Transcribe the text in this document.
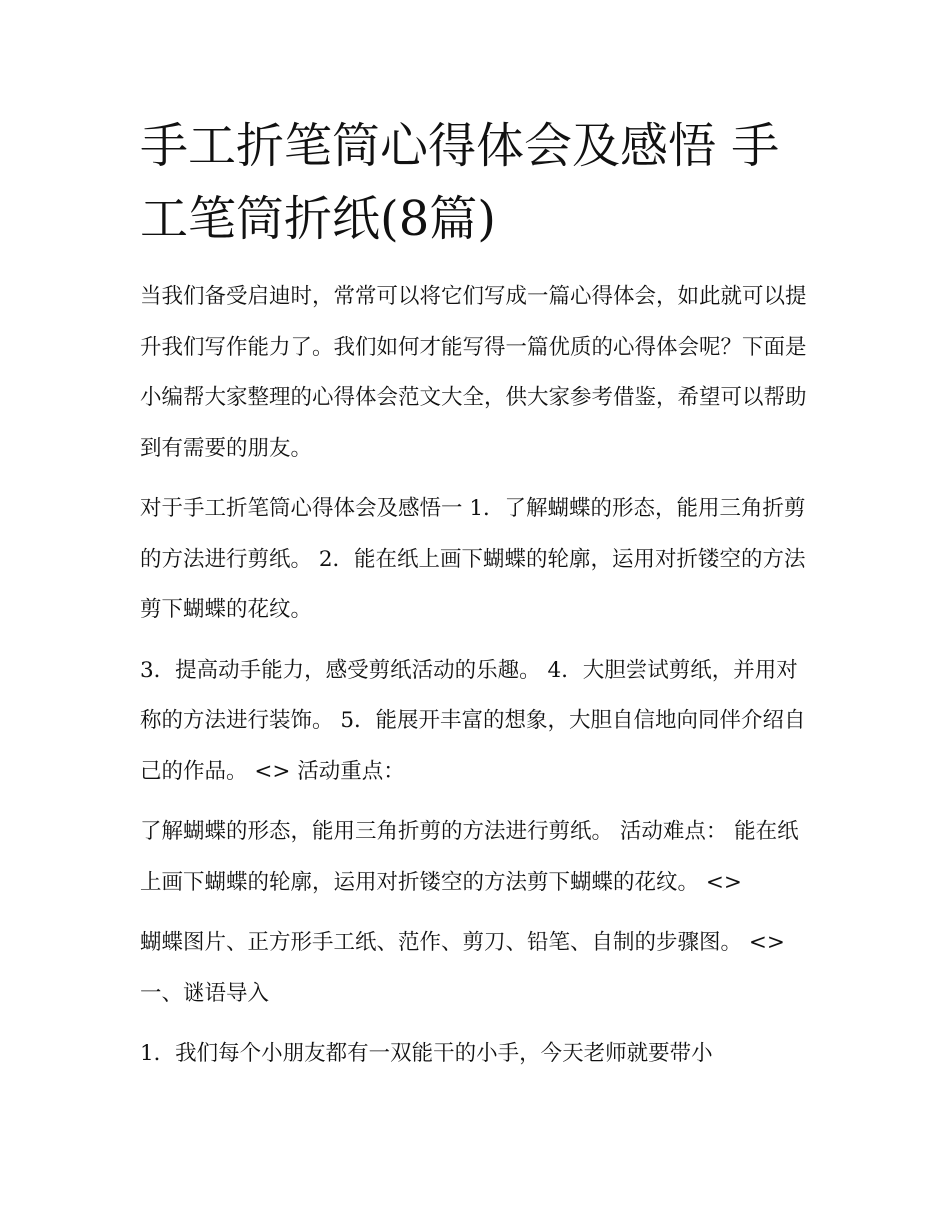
手工折笔筒心得体会及感悟 手工笔筒折纸(8篇)

当我们备受启迪时，常常可以将它们写成一篇心得体会，如此就可以提升我们写作能力了。我们如何才能写得一篇优质的心得体会呢？下面是小编帮大家整理的心得体会范文大全，供大家参考借鉴，希望可以帮助到有需要的朋友。

对于手工折笔筒心得体会及感悟一 1．了解蝴蝶的形态，能用三角折剪的方法进行剪纸。 2．能在纸上画下蝴蝶的轮廓，运用对折镂空的方法剪下蝴蝶的花纹。

3．提高动手能力，感受剪纸活动的乐趣。 4．大胆尝试剪纸，并用对称的方法进行装饰。 5．能展开丰富的想象，大胆自信地向同伴介绍自己的作品。 <> 活动重点：

了解蝴蝶的形态，能用三角折剪的方法进行剪纸。 活动难点： 能在纸上画下蝴蝶的轮廓，运用对折镂空的方法剪下蝴蝶的花纹。 <>

蝴蝶图片、正方形手工纸、范作、剪刀、铅笔、自制的步骤图。 <> 一、谜语导入

1．我们每个小朋友都有一双能干的小手，今天老师就要带小
